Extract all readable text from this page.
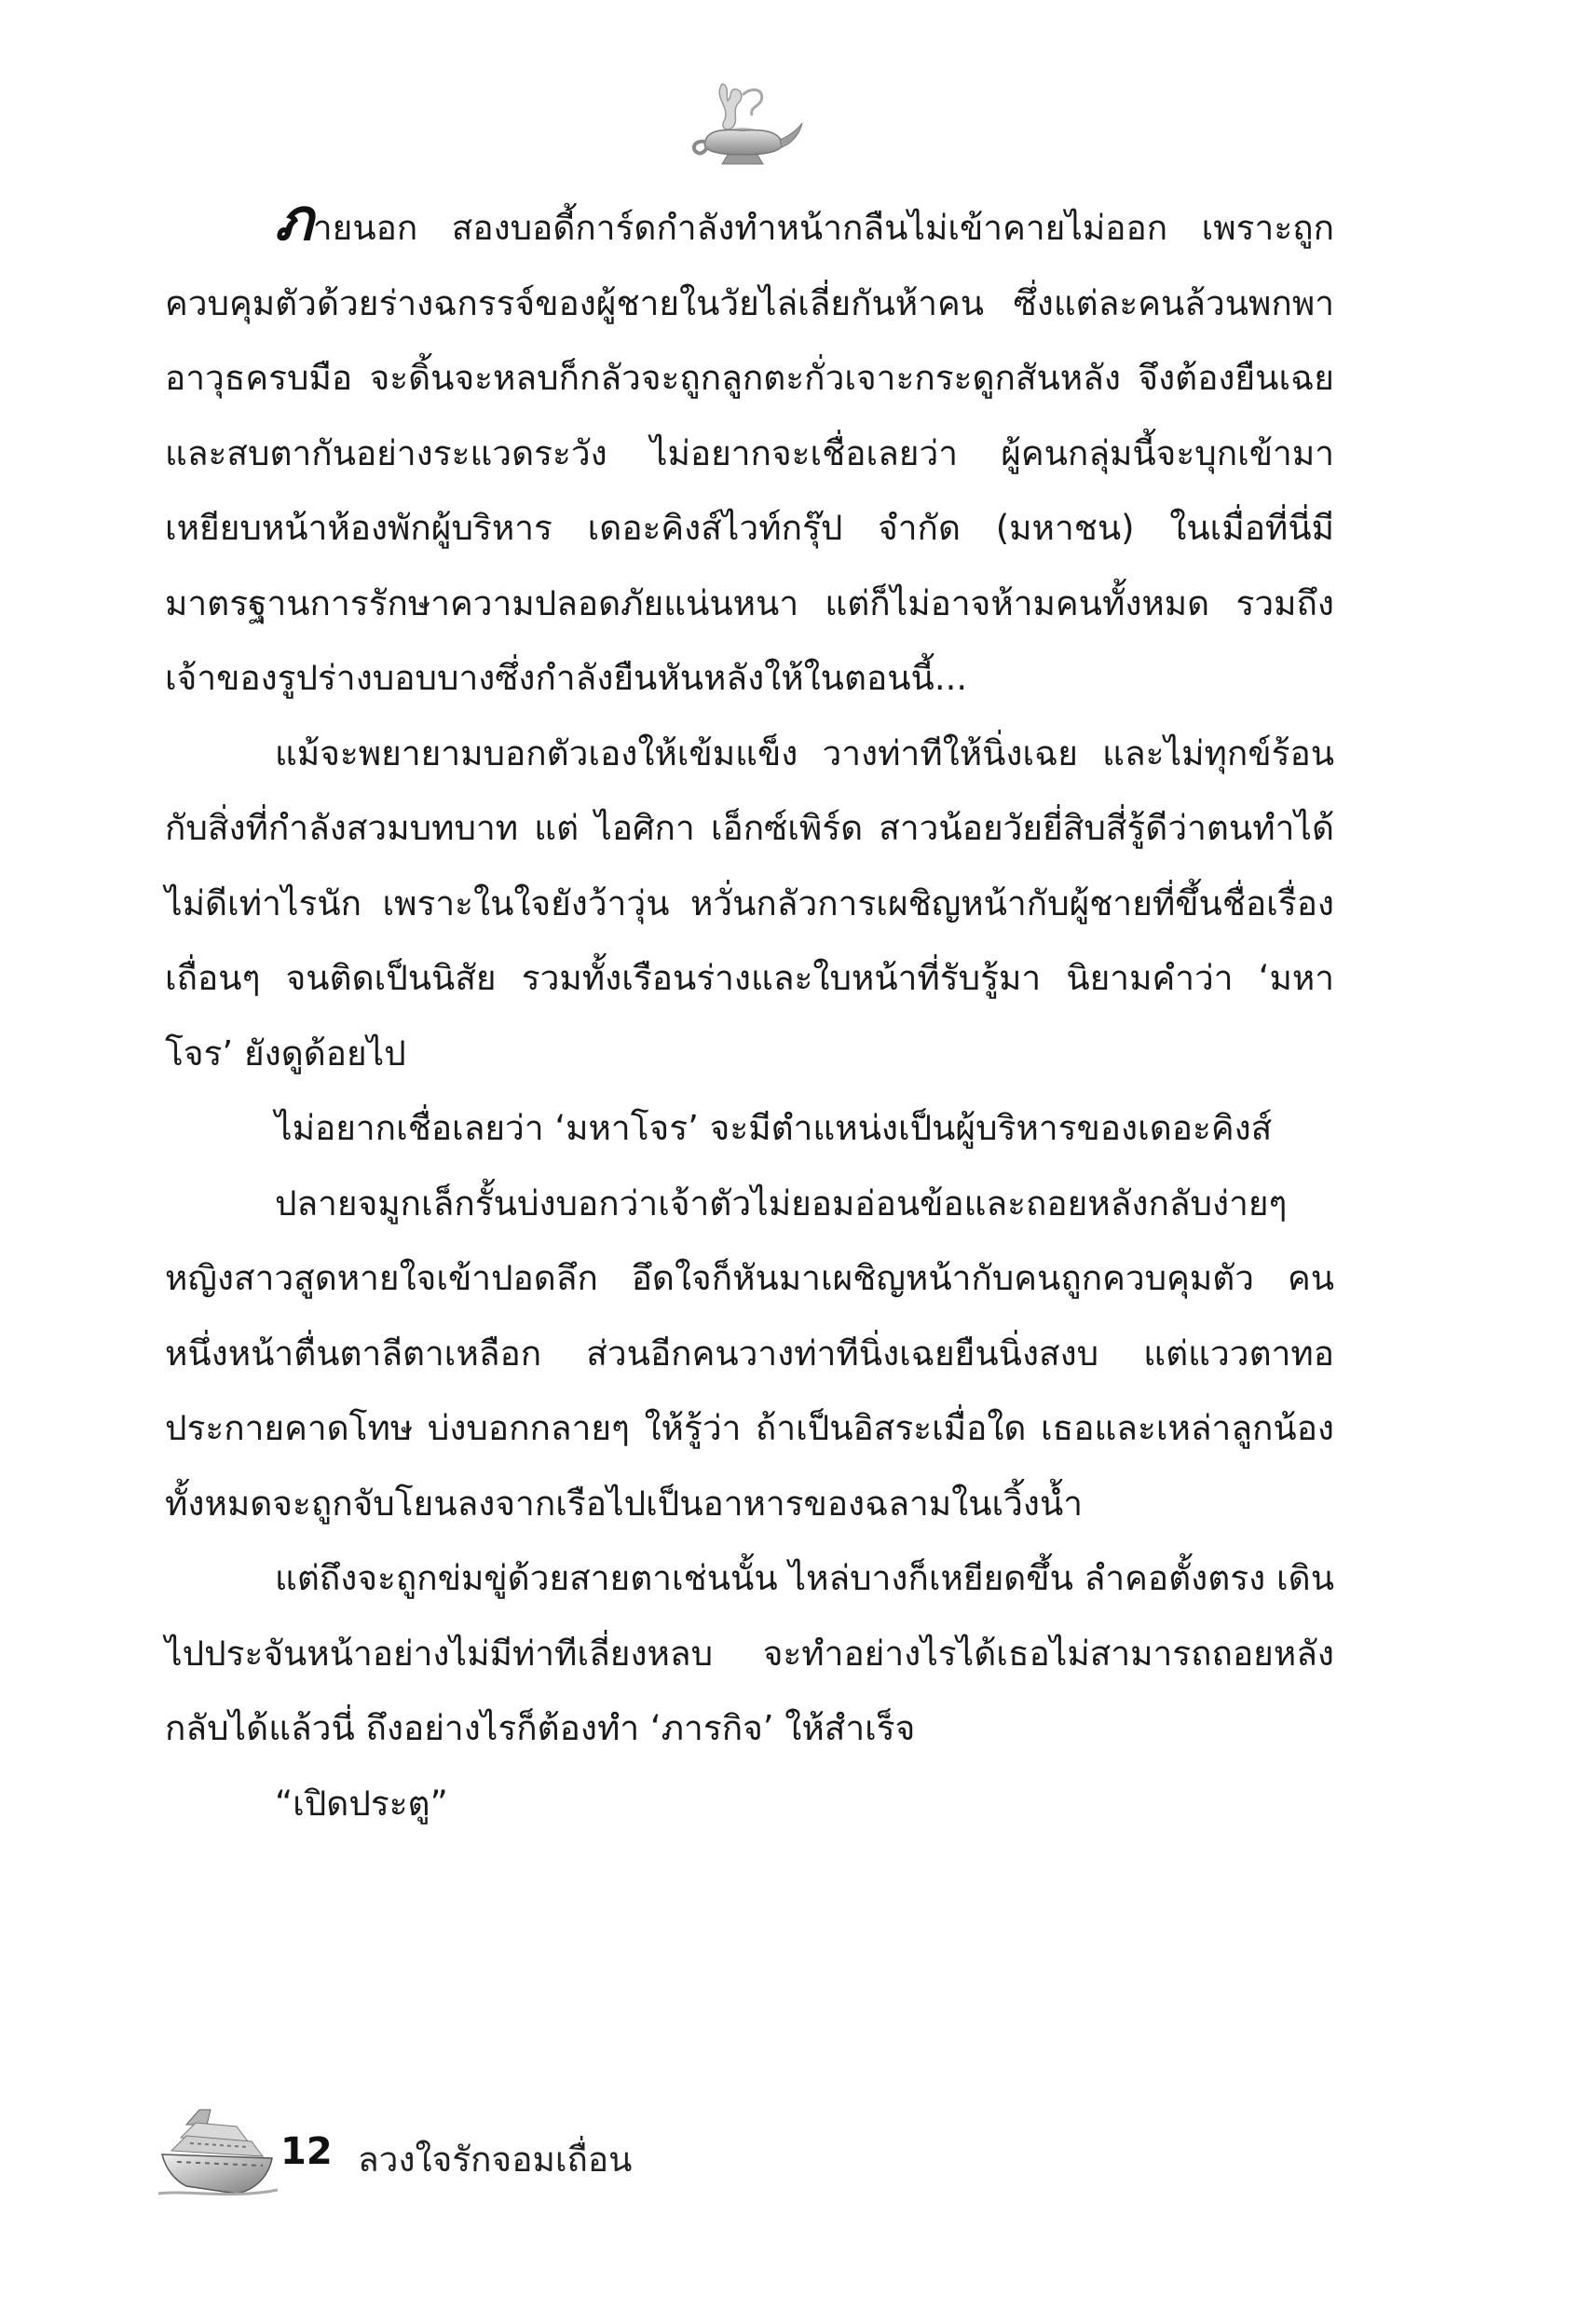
ภายนอก สองบอดี้การ์ดกำลังทำหน้ากลืนไม่เข้าคายไม่ออก เพราะถูกควบคุมตัวด้วยร่างฉกรรจ์ของผู้ชายในวัยไล่เลี่ยกันห้าคน ซึ่งแต่ละคนล้วนพกพาอาวุธครบมือ จะดิ้นจะหลบก็กลัวจะถูกลูกตะกั่วเจาะกระดูกสันหลัง จึงต้องยืนเฉยและสบตากันอย่างระแวดระวัง ไม่อยากจะเชื่อเลยว่า ผู้คนกลุ่มนี้จะบุกเข้ามาเหยียบหน้าห้องพักผู้บริหาร เดอะคิงส์ไวท์กรุ๊ป จำกัด (มหาชน) ในเมื่อที่นี่มีมาตรฐานการรักษาความปลอดภัยแน่นหนา แต่ก็ไม่อาจห้ามคนทั้งหมด รวมถึงเจ้าของรูปร่างบอบบางซึ่งกำลังยืนหันหลังให้ในตอนนี้...

แม้จะพยายามบอกตัวเองให้เข้มแข็ง วางท่าทีให้นิ่งเฉย และไม่ทุกข์ร้อนกับสิ่งที่กำลังสวมบทบาท แต่ ไอศิกา เอ็กซ์เพิร์ด สาวน้อยวัยยี่สิบสี่รู้ดีว่าตนทำได้ไม่ดีเท่าไรนัก เพราะในใจยังว้าวุ่น หวั่นกลัวการเผชิญหน้ากับผู้ชายที่ขึ้นชื่อเรื่องเถื่อนๆ จนติดเป็นนิสัย รวมทั้งเรือนร่างและใบหน้าที่รับรู้มา นิยามคำว่า ‘มหาโจร’ ยังดูด้อยไป

ไม่อยากเชื่อเลยว่า ‘มหาโจร’ จะมีตำแหน่งเป็นผู้บริหารของเดอะคิงส์

ปลายจมูกเล็กรั้นบ่งบอกว่าเจ้าตัวไม่ยอมอ่อนข้อและถอยหลังกลับง่ายๆ หญิงสาวสูดหายใจเข้าปอดลึก อึดใจก็หันมาเผชิญหน้ากับคนถูกควบคุมตัว คนหนึ่งหน้าตื่นตาลีตาเหลือก ส่วนอีกคนวางท่าทีนิ่งเฉยยืนนิ่งสงบ แต่แววตาทอประกายคาดโทษ บ่งบอกกลายๆ ให้รู้ว่า ถ้าเป็นอิสระเมื่อใด เธอและเหล่าลูกน้องทั้งหมดจะถูกจับโยนลงจากเรือไปเป็นอาหารของฉลามในเวิ้งน้ำ

แต่ถึงจะถูกข่มขู่ด้วยสายตาเช่นนั้น ไหล่บางก็เหยียดขึ้น ลำคอตั้งตรง เดินไปประจันหน้าอย่างไม่มีท่าทีเลี่ยงหลบ จะทำอย่างไรได้เธอไม่สามารถถอยหลังกลับได้แล้วนี่ ถึงอย่างไรก็ต้องทำ ‘ภารกิจ’ ให้สำเร็จ

“เปิดประตู”

12 ลวงใจรักจอมเถื่อน
